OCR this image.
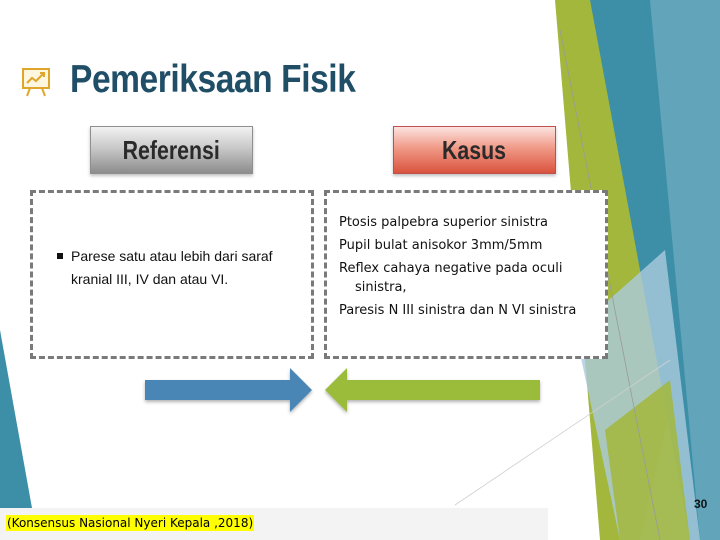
Pemeriksaan Fisik
Referensi	Kasus
Parese satu atau lebih dari saraf kranial III, IV dan atau VI.
Ptosis palpebra superior sinistra
Pupil bulat anisokor 3mm/5mm
Reflex cahaya negative pada oculi sinistra,
Paresis N III sinistra dan N VI sinistra
(Konsensus Nasional Nyeri Kepala ,2018)
30
